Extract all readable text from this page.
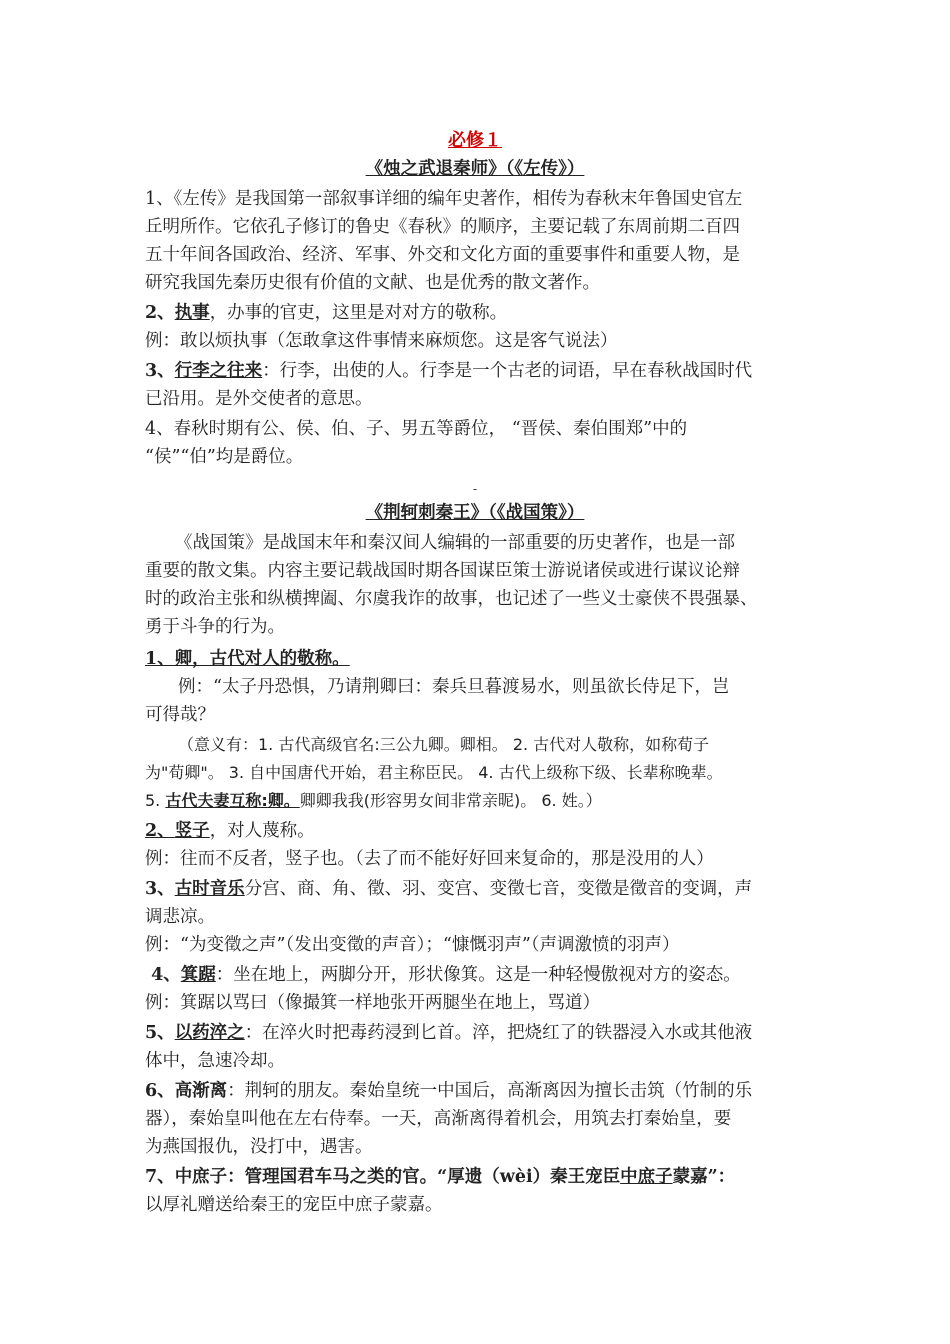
必修１
《烛之武退秦师》（《左传》）
1、《左传》是我国第一部叙事详细的编年史著作，相传为春秋末年鲁国史官左
丘明所作。它依孔子修订的鲁史《春秋》的顺序，主要记载了东周前期二百四
五十年间各国政治、经济、军事、外交和文化方面的重要事件和重要人物，是
研究我国先秦历史很有价值的文献、也是优秀的散文著作。
2、执事，办事的官吏，这里是对对方的敬称。
例：敢以烦执事（怎敢拿这件事情来麻烦您。这是客气说法）
3、行李之往来：行李，出使的人。行李是一个古老的词语，早在春秋战国时代
已沿用。是外交使者的意思。
4、春秋时期有公、侯、伯、子、男五等爵位， “晋侯、秦伯围郑”中的
“侯”“伯”均是爵位。
-
《荆轲刺秦王》（《战国策》）
《战国策》是战国末年和秦汉间人编辑的一部重要的历史著作，也是一部
重要的散文集。内容主要记载战国时期各国谋臣策士游说诸侯或进行谋议论辩
时的政治主张和纵横捭阖、尔虞我诈的故事，也记述了一些义士豪侠不畏强暴、
勇于斗争的行为。
1、卿，古代对人的敬称。
例：“太子丹恐惧，乃请荆卿曰：秦兵旦暮渡易水，则虽欲长侍足下，岂
可得哉？
（意义有：1. 古代高级官名:三公九卿。卿相。 2. 古代对人敬称，如称荀子
为"荀卿"。 3. 自中国唐代开始，君主称臣民。 4. 古代上级称下级、长辈称晚辈。
5. 古代夫妻互称:卿。卿卿我我(形容男女间非常亲昵)。 6. 姓。）
2、竖子，对人蔑称。
例：往而不反者，竖子也。（去了而不能好好回来复命的，那是没用的人）
3、古时音乐分宫、商、角、徵、羽、变宫、变徵七音，变徵是徵音的变调，声
调悲凉。
例：“为变徵之声”（发出变徵的声音）；“慷慨羽声”（声调激愤的羽声）
4、箕踞：坐在地上，两脚分开，形状像箕。这是一种轻慢傲视对方的姿态。
例：箕踞以骂曰（像撮箕一样地张开两腿坐在地上，骂道）
5、以药淬之：在淬火时把毒药浸到匕首。淬，把烧红了的铁器浸入水或其他液
体中，急速冷却。
6、高渐离：荆轲的朋友。秦始皇统一中国后，高渐离因为擅长击筑（竹制的乐
器），秦始皇叫他在左右侍奉。一天，高渐离得着机会，用筑去打秦始皇，要
为燕国报仇，没打中，遇害。
7、中庶子：管理国君车马之类的官。“厚遗（wèi）秦王宠臣中庶子蒙嘉”：
以厚礼赠送给秦王的宠臣中庶子蒙嘉。
